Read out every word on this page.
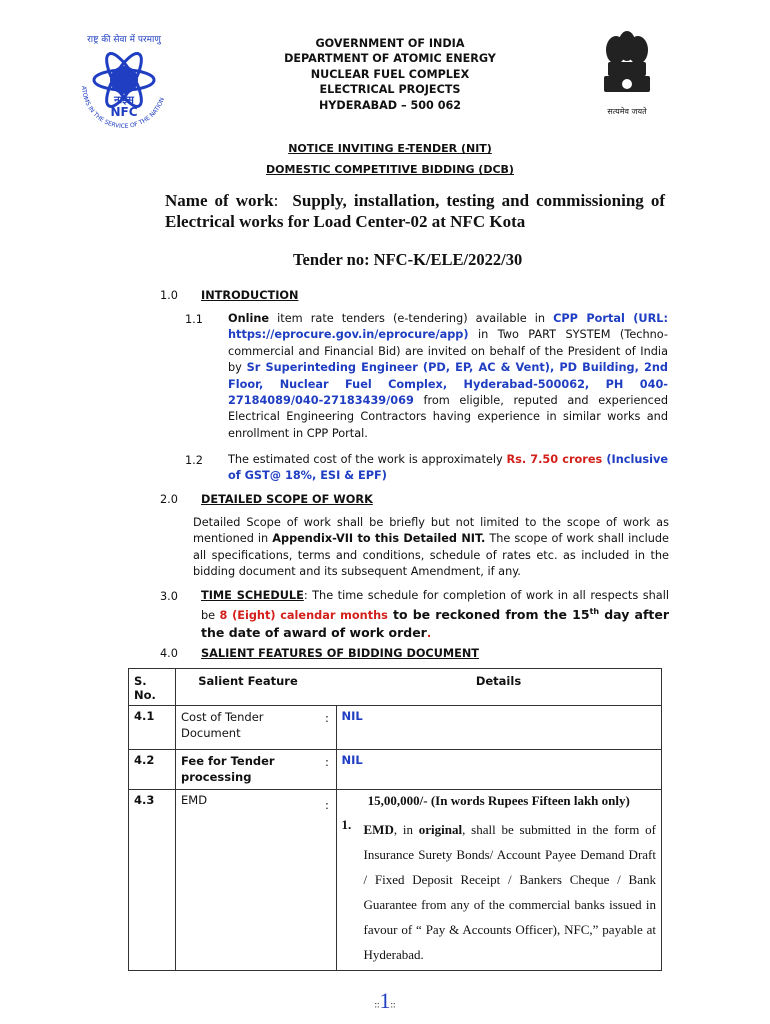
राष्ट्र की सेवा में परमाणु
नाइस
NFC
ATOMS IN THE SERVICE OF THE NATION
GOVERNMENT OF INDIA
DEPARTMENT OF ATOMIC ENERGY
NUCLEAR FUEL COMPLEX
ELECTRICAL PROJECTS
HYDERABAD – 500 062	सत्यमेव जयते
NOTICE INVITING E-TENDER (NIT)
DOMESTIC COMPETITIVE BIDDING (DCB)
Name of work:  Supply, installation, testing and commissioning of Electrical works for Load Center-02 at NFC Kota
Tender no: NFC-K/ELE/2022/30
1.0 INTRODUCTION
1.1 Online item rate tenders (e-tendering) available in CPP Portal (URL: https://eprocure.gov.in/eprocure/app) in Two PART SYSTEM (Techno-commercial and Financial Bid) are invited on behalf of the President of India by Sr Superinteding Engineer (PD, EP, AC & Vent), PD Building, 2nd Floor, Nuclear Fuel Complex, Hyderabad-500062, PH 040-27184089/040-27183439/069 from eligible, reputed and experienced Electrical Engineering Contractors having experience in similar works and enrollment in CPP Portal.
1.2 The estimated cost of the work is approximately Rs. 7.50 crores (Inclusive of GST@ 18%, ESI & EPF)
2.0 DETAILED SCOPE OF WORK
Detailed Scope of work shall be briefly but not limited to the scope of work as mentioned in Appendix-VII to this Detailed NIT. The scope of work shall include all specifications, terms and conditions, schedule of rates etc. as included in the bidding document and its subsequent Amendment, if any.
3.0 TIME SCHEDULE: The time schedule for completion of work in all respects shall be 8 (Eight) calendar months to be reckoned from the 15th day after the date of award of work order.
4.0 SALIENT FEATURES OF BIDDING DOCUMENT
S. No.	Salient Feature		Details
4.1	Cost of Tender Document	:	NIL
4.2	Fee for Tender processing	:	NIL
4.3	EMD	:	15,00,000/- (In words Rupees Fifteen lakh only)
1. EMD, in original, shall be submitted in the form of Insurance Surety Bonds/ Account Payee Demand Draft / Fixed Deposit Receipt / Bankers Cheque / Bank Guarantee from any of the commercial banks issued in favour of “ Pay & Accounts Officer), NFC,” payable at Hyderabad.
::1::
